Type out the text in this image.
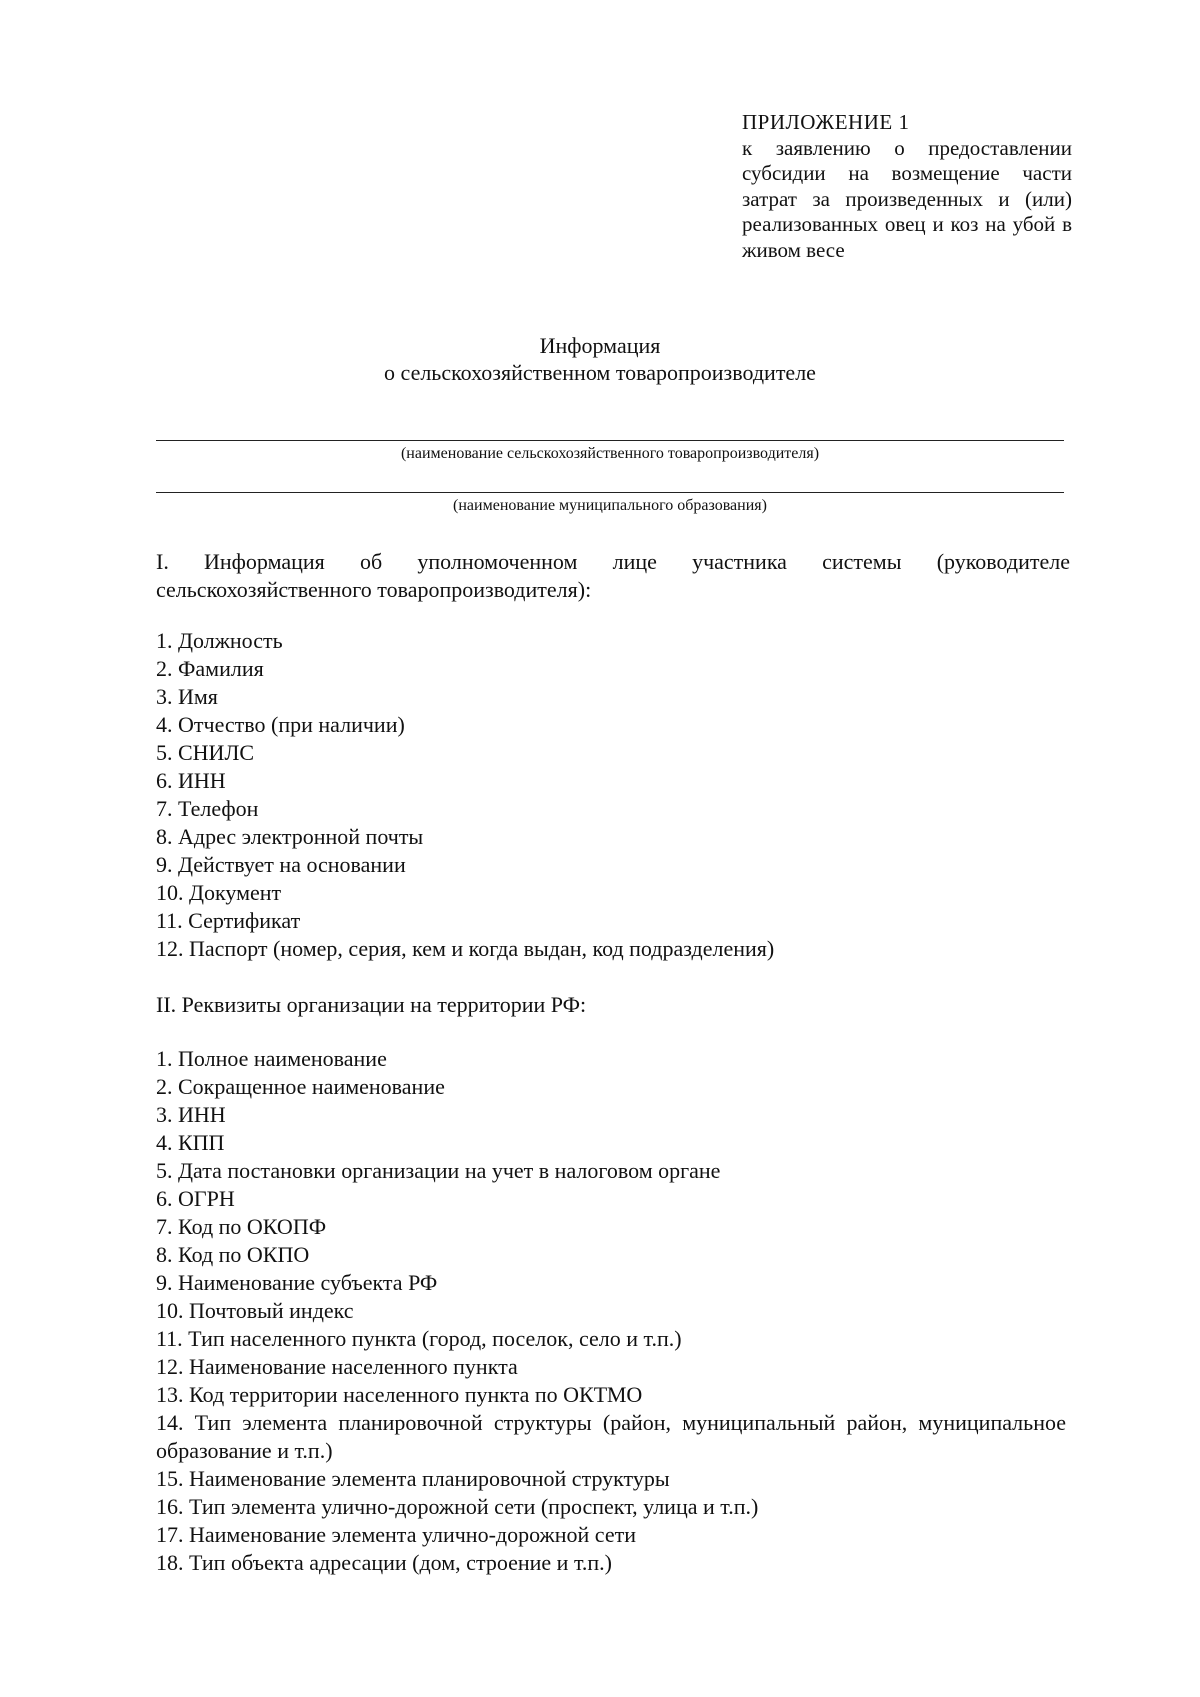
ПРИЛОЖЕНИЕ 1
к заявлению о предоставлении субсидии на возмещение части затрат за произведенных и (или) реализованных овец и коз на убой в живом весе
Информация
о сельскохозяйственном товаропроизводителе
(наименование сельскохозяйственного товаропроизводителя)
(наименование муниципального образования)
I. Информация об уполномоченном лице участника системы (руководителе сельскохозяйственного товаропроизводителя):
1. Должность
2. Фамилия
3. Имя
4. Отчество (при наличии)
5. СНИЛС
6. ИНН
7. Телефон
8. Адрес электронной почты
9. Действует на основании
10. Документ
11. Сертификат
12. Паспорт (номер, серия, кем и когда выдан, код подразделения)
II. Реквизиты организации на территории РФ:
1. Полное наименование
2. Сокращенное наименование
3. ИНН
4. КПП
5. Дата постановки организации на учет в налоговом органе
6. ОГРН
7. Код по ОКОПФ
8. Код по ОКПО
9. Наименование субъекта РФ
10. Почтовый индекс
11. Тип населенного пункта (город, поселок, село и т.п.)
12. Наименование населенного пункта
13. Код территории населенного пункта по ОКТМО
14. Тип элемента планировочной структуры (район, муниципальный район, муниципальное образование и т.п.)
15. Наименование элемента планировочной структуры
16. Тип элемента улично-дорожной сети (проспект, улица и т.п.)
17. Наименование элемента улично-дорожной сети
18. Тип объекта адресации (дом, строение и т.п.)
